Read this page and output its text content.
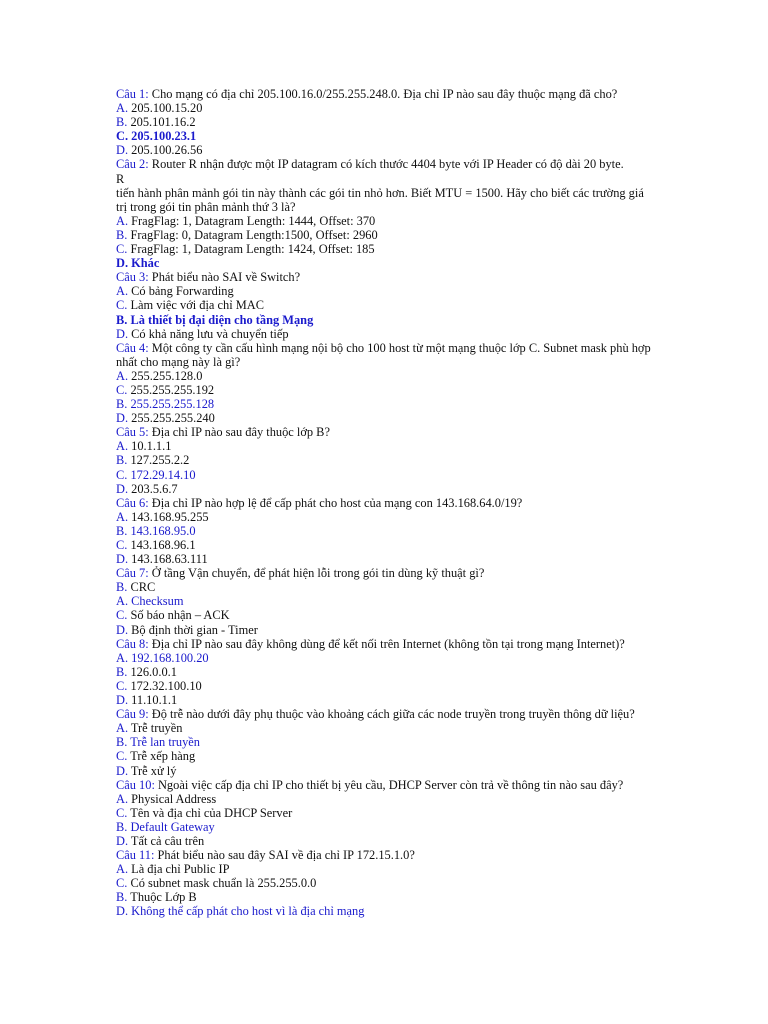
Câu 1: Cho mạng có địa chỉ 205.100.16.0/255.255.248.0. Địa chỉ IP nào sau đây thuộc mạng đã cho?
A. 205.100.15.20
B. 205.101.16.2
C. 205.100.23.1
D. 205.100.26.56
Câu 2: Router R nhận được một IP datagram có kích thước 4404 byte với IP Header có độ dài 20 byte.
R
tiến hành phân mảnh gói tin này thành các gói tin nhỏ hơn. Biết MTU = 1500. Hãy cho biết các trường giá trị trong gói tin phân mảnh thứ 3 là?
A. FragFlag: 1, Datagram Length: 1444, Offset: 370
B. FragFlag: 0, Datagram Length:1500, Offset: 2960
C. FragFlag: 1, Datagram Length: 1424, Offset: 185
D. Khác
Câu 3: Phát biểu nào SAI về Switch?
A. Có bảng Forwarding
C. Làm việc với địa chỉ MAC
B. Là thiết bị đại diện cho tầng Mạng
D. Có khả năng lưu và chuyển tiếp
Câu 4: Một công ty cần cấu hình mạng nội bộ cho 100 host từ một mạng thuộc lớp C. Subnet mask phù hợp nhất cho mạng này là gì?
A. 255.255.128.0
C. 255.255.255.192
B. 255.255.255.128
D. 255.255.255.240
Câu 5: Địa chỉ IP nào sau đây thuộc lớp B?
A. 10.1.1.1
B. 127.255.2.2
C. 172.29.14.10
D. 203.5.6.7
Câu 6: Địa chỉ IP nào hợp lệ để cấp phát cho host của mạng con 143.168.64.0/19?
A. 143.168.95.255
B. 143.168.95.0
C. 143.168.96.1
D. 143.168.63.111
Câu 7: Ở tầng Vận chuyển, để phát hiện lỗi trong gói tin dùng kỹ thuật gì?
B. CRC
A. Checksum
C. Số báo nhận – ACK
D. Bộ định thời gian - Timer
Câu 8: Địa chỉ IP nào sau đây không dùng để kết nối trên Internet (không tồn tại trong mạng Internet)?
A. 192.168.100.20
B. 126.0.0.1
C. 172.32.100.10
D. 11.10.1.1
Câu 9: Độ trễ nào dưới đây phụ thuộc vào khoảng cách giữa các node truyền trong truyền thông dữ liệu?
A. Trễ truyền
B. Trễ lan truyền
C. Trễ xếp hàng
D. Trễ xử lý
Câu 10: Ngoài việc cấp địa chỉ IP cho thiết bị yêu cầu, DHCP Server còn trả về thông tin nào sau đây?
A. Physical Address
C. Tên và địa chỉ của DHCP Server
B. Default Gateway
D. Tất cả câu trên
Câu 11: Phát biểu nào sau đây SAI về địa chỉ IP 172.15.1.0?
A. Là địa chỉ Public IP
C. Có subnet mask chuẩn là 255.255.0.0
B. Thuộc Lớp B
D. Không thể cấp phát cho host vì là địa chỉ mạng
